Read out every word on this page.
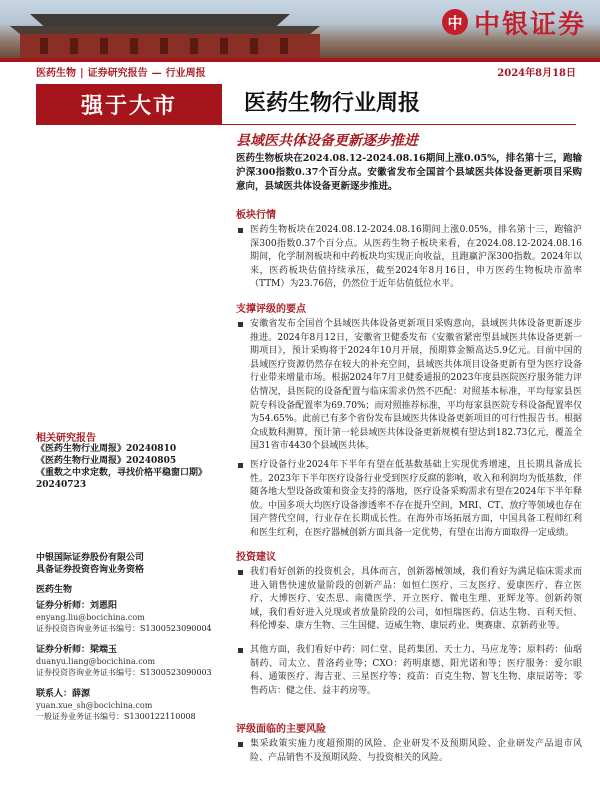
中 中银证券
医药生物 | 证券研究报告 — 行业周报	2024年8月18日
强于大市	医药生物行业周报
县域医共体设备更新逐步推进
相关研究报告
《医药生物行业周报》20240810
《医药生物行业周报》20240805
《重数之中求定数，寻找价格平稳窗口期》20240723
中银国际证券股份有限公司
具备证券投资咨询业务资格
医药生物
证券分析师：刘恩阳
enyang.liu@bocichina.com
证券投资咨询业务证书编号：S1300523090004
证券分析师：梁端玉
duanyu.liang@bocichina.com
证券投资咨询业务证书编号：S1300523090003
联系人：薛源
yuan.xue_sh@bocichina.com
一般证券业务证书编号：S1300122110008
医药生物板块在2024.08.12-2024.08.16期间上涨0.05%，排名第十三，跑输沪深300指数0.37个百分点。安徽省发布全国首个县域医共体设备更新项目采购意向，县域医共体设备更新逐步推进。
板块行情
医药生物板块在2024.08.12-2024.08.16期间上涨0.05%，排名第十三，跑输沪深300指数0.37个百分点。从医药生物子板块来看，在2024.08.12-2024.08.16期间，化学制剂板块和中药板块均实现正向收益，且跑赢沪深300指数。2024年以来，医药板块估值持续承压，截至2024年8月16日，申万医药生物板块市盈率（TTM）为23.76倍，仍然位于近年估值低位水平。
支撑评级的要点
安徽省发布全国首个县域医共体设备更新项目采购意向，县域医共体设备更新逐步推进。2024年8月12日，安徽省卫健委发布《安徽省紧密型县域医共体设备更新一期项目》，预计采购将于2024年10月开展，预期算金额高达5.9亿元。目前中国的县域医疗资源仍然存在较大的补充空间，县域医共体项目设备更新有望为医疗设备行业带来增量市场。根据2024年7月卫健委通报的2023年度县医院医疗服务能力评估情况，县医院的设备配置与临床需求仍然不匹配：对照基本标准，平均每家县医院专科设备配置率为69.70%；而对照推荐标准，平均每家县医院专科设备配置率仅为54.65%。此前已有多个省份发布县域医共体设备更新项目的可行性报告书。根据众成数科测算，预计第一轮县域医共体设备更新规模有望达到182.73亿元，覆盖全国31省市4430个县域医共体。
医疗设备行业2024年下半年有望在低基数基础上实现优秀增速，且长期具备成长性。2023年下半年医疗设备行业受到医疗反腐的影响，收入和利润均为低基数，伴随各地大型设备政策和资金支持的落地，医疗设备采购需求有望在2024年下半年释放。中国多项大均医疗设备渗透率不存在提升空间，MRI、CT、放疗等领域也存在国产替代空间，行业存在长期成长性。在海外市场拓展方面，中国具备工程师红利和医生红利，在医疗器械创新方面具备一定优势，有望在出海方面取得一定成绩。
投资建议
我们看好创新的投资机会，具体而言，创新器械领域，我们看好为满足临床需求而进入销售快速放量阶段的创新产品：如恒仁医疗、三友医疗、爱康医疗、春立医疗、大博医疗、安杰思、南微医学、开立医疗、微电生理、亚辉龙等。创新药领域，我们看好进入兑现或者放量阶段的公司，如恒瑞医药、信达生物、百利天恒、科伦博泰、康方生物、三生国健、迈威生物、康辰药业、奥赛康、京新药业等。
其他方面，我们看好中药：同仁堂、昆药集团、天士力、马应龙等；原料药：仙琚制药、司太立、普洛药业等；CXO：药明康德、阳光诺和等；医疗服务：爱尔眼科、通策医疗、海吉亚、三星医疗等；疫苗：百克生物、智飞生物、康辰诺等；零售药店：健之佳、益丰药房等。
评级面临的主要风险
集采政策实施力度超预期的风险、企业研发不及预期风险、企业研发产品退市风险、产品销售不及预期风险、与投资相关的风险。
